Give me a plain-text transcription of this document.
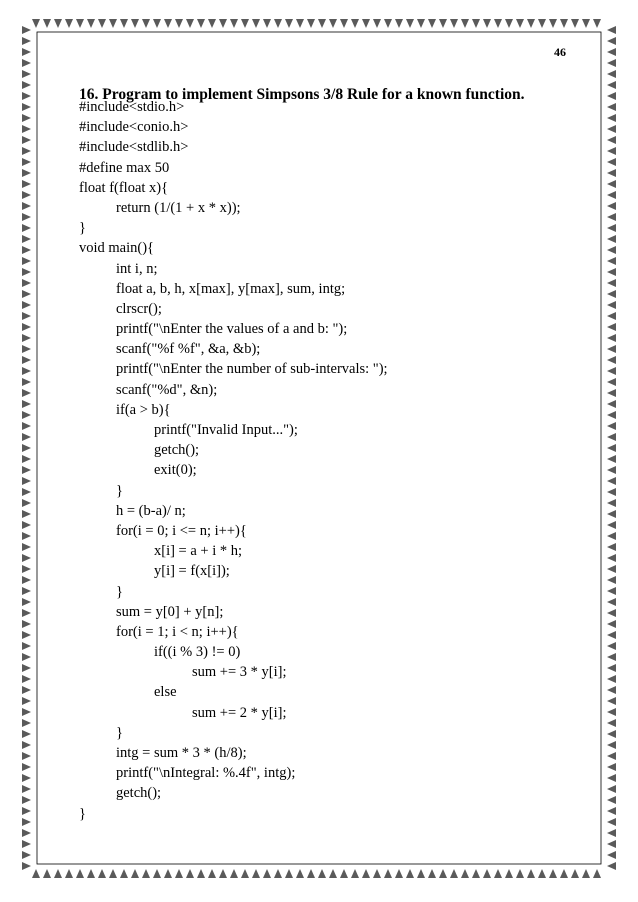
46
16. Program to implement Simpsons 3/8 Rule for a known function.
#include<stdio.h>
#include<conio.h>
#include<stdlib.h>
#define max 50
float f(float x){
return (1/(1 + x * x));
}
void main(){
int i, n;
float a, b, h, x[max], y[max], sum, intg;
clrscr();
printf("\nEnter the values of a and b: ");
scanf("%f %f", &a, &b);
printf("\nEnter the number of sub-intervals: ");
scanf("%d", &n);
if(a > b){
printf("Invalid Input...");
getch();
exit(0);
}
h = (b-a)/ n;
for(i = 0; i <= n; i++){
x[i] = a + i * h;
y[i] = f(x[i]);
}
sum = y[0] + y[n];
for(i = 1; i < n; i++){
if((i % 3) != 0)
sum += 3 * y[i];
else
sum += 2 * y[i];
}
intg = sum * 3 * (h/8);
printf("\nIntegral: %.4f", intg);
getch();
}
